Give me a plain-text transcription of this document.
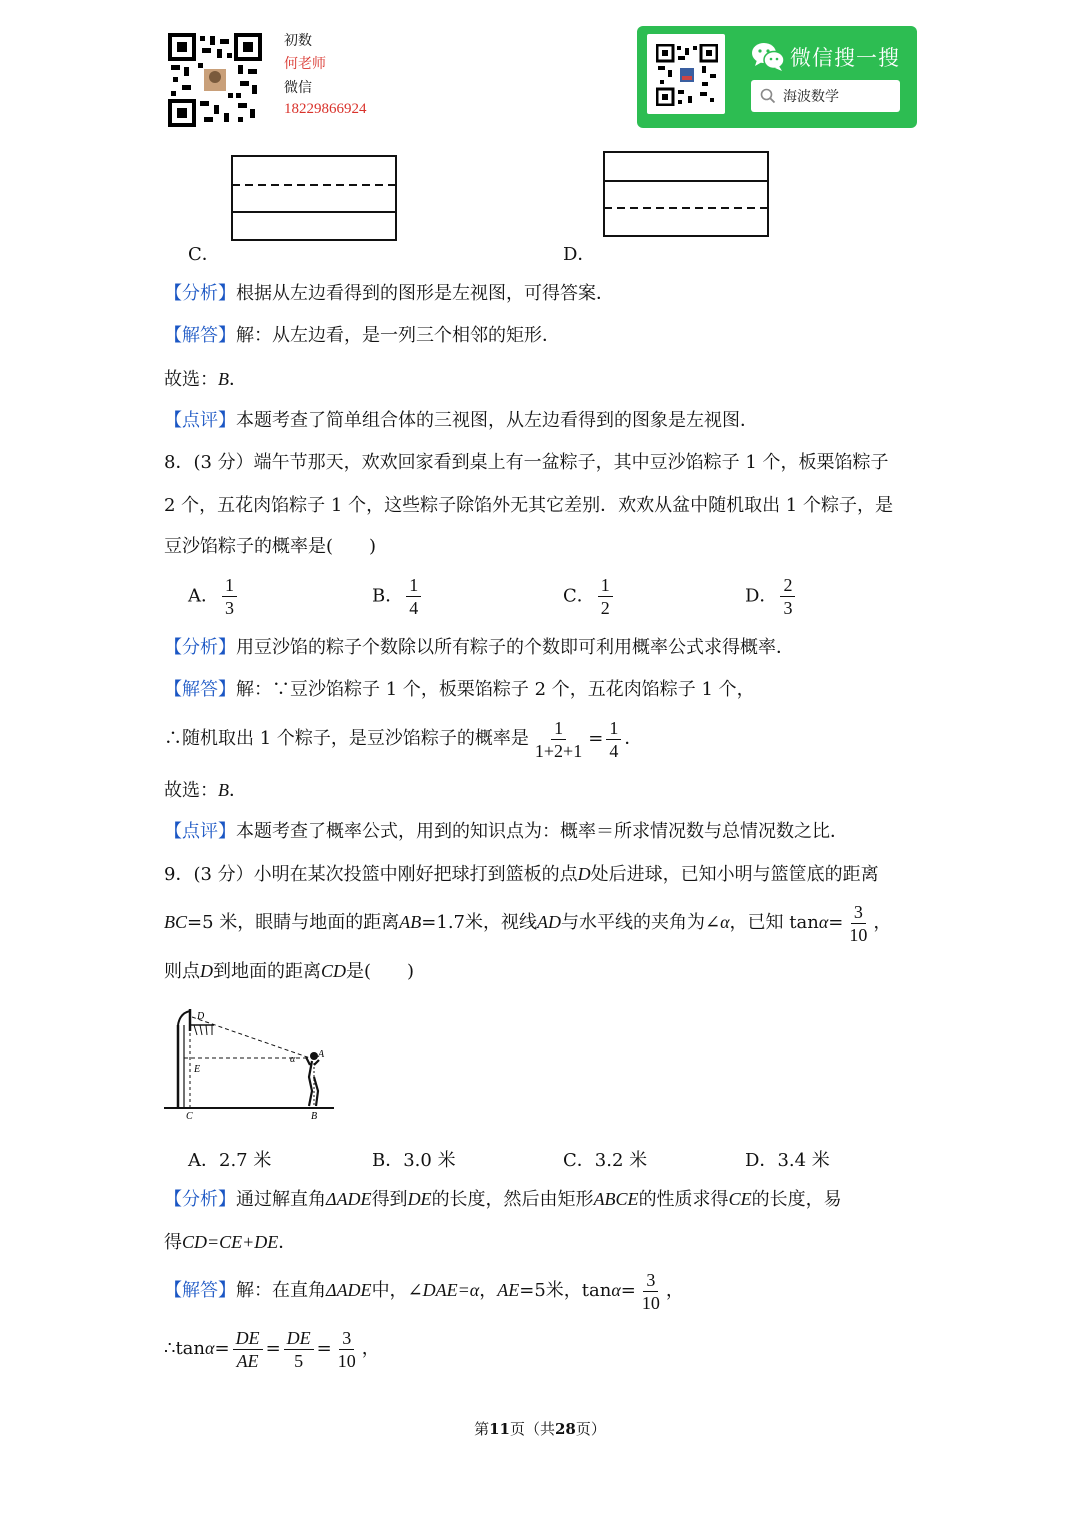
初数
何老师
微信
18229866924
微信搜一搜
海波数学
C．	D．
【分析】根据从左边看得到的图形是左视图，可得答案．
【解答】解：从左边看，是一列三个相邻的矩形．
故选：B．
【点评】本题考查了简单组合体的三视图，从左边看得到的图象是左视图．
8．(3 分）端午节那天，欢欢回家看到桌上有一盆粽子，其中豆沙馅粽子 1 个，板栗馅粽子
2 个，五花肉馅粽子 1 个，这些粽子除馅外无其它差别．欢欢从盆中随机取出 1 个粽子，是
豆沙馅粽子的概率是(　　)
A． $\frac{1}{3}$	B． $\frac{1}{4}$	C． $\frac{1}{2}$	D． $\frac{2}{3}$
【分析】用豆沙馅的粽子个数除以所有粽子的个数即可利用概率公式求得概率．
【解答】解：∵豆沙馅粽子 1 个，板栗馅粽子 2 个，五花肉馅粽子 1 个，
∴随机取出 1 个粽子，是豆沙馅粽子的概率是 $\frac{1}{1+2+1} = \frac{1}{4}$ ．
故选：B．
【点评】本题考查了概率公式，用到的知识点为：概率＝所求情况数与总情况数之比．
9．(3 分）小明在某次投篮中刚好把球打到篮板的点D处后进球，已知小明与篮筐底的距离
BC=5 米，眼睛与地面的距离AB=1.7米，视线AD与水平线的夹角为∠α，已知 $\tan\alpha= \frac{3}{10}$ ，
则点D到地面的距离CD是(　　)
D
A
E
α
C	B
A．2.7 米	B．3.0 米	C．3.2 米	D．3.4 米
【分析】通过解直角ΔADE得到DE的长度，然后由矩形ABCE的性质求得CE的长度，易
得CD=CE+DE．
【解答】解：在直角ΔADE中，∠DAE=α，AE=5米，$\tan\alpha= \frac{3}{10}$ ，
∴tanα= $\frac{DE}{AE} = \frac{DE}{5} = \frac{3}{10}$ ，
第11页（共28页）
